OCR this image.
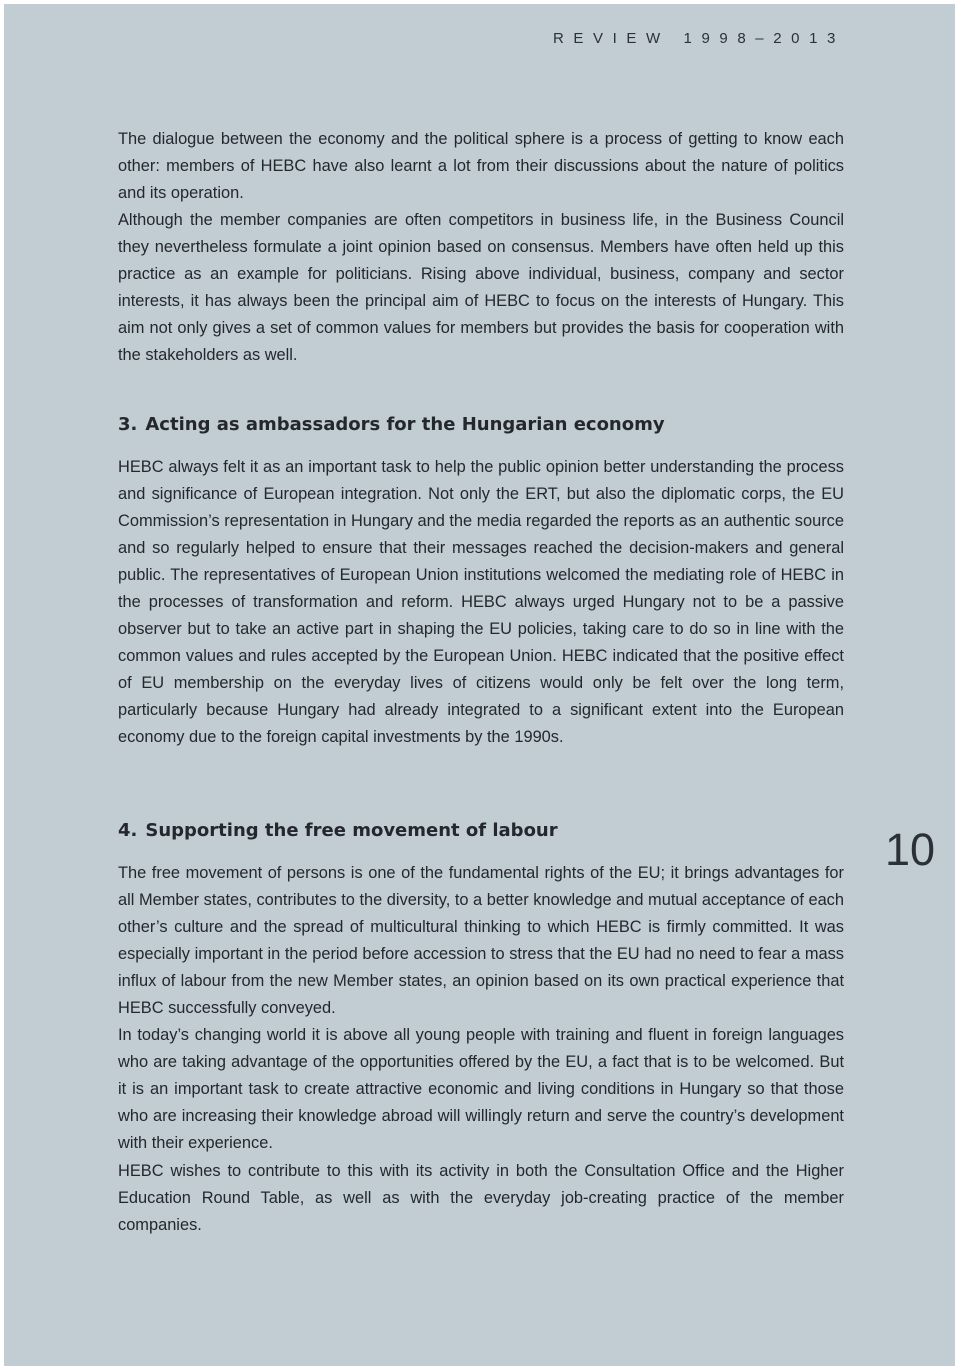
REVIEW 1998–2013

The dialogue between the economy and the political sphere is a process of getting to know each other: members of HEBC have also learnt a lot from their discussions about the nature of politics and its operation.

Although the member companies are often competitors in business life, in the Business Council they nevertheless formulate a joint opinion based on consensus. Members have often held up this practice as an example for politicians. Rising above individual, business, company and sector interests, it has always been the principal aim of HEBC to focus on the interests of Hungary. This aim not only gives a set of common values for members but provides the basis for cooperation with the stakeholders as well.

3. Acting as ambassadors for the Hungarian economy

HEBC always felt it as an important task to help the public opinion better understanding the process and significance of European integration. Not only the ERT, but also the diplomatic corps, the EU Commission’s representation in Hungary and the media regarded the reports as an authentic source and so regularly helped to ensure that their messages reached the decision-makers and general public. The representatives of European Union institutions welcomed the mediating role of HEBC in the processes of transformation and reform. HEBC always urged Hungary not to be a passive observer but to take an active part in shaping the EU policies, taking care to do so in line with the common values and rules accepted by the European Union. HEBC indicated that the positive effect of EU membership on the everyday lives of citizens would only be felt over the long term, particularly because Hungary had already integrated to a significant extent into the European economy due to the foreign capital investments by the 1990s.

4. Supporting the free movement of labour

The free movement of persons is one of the fundamental rights of the EU; it brings advantages for all Member states, contributes to the diversity, to a better knowledge and mutual acceptance of each other’s culture and the spread of multicultural thinking to which HEBC is firmly committed. It was especially important in the period before accession to stress that the EU had no need to fear a mass influx of labour from the new Member states, an opinion based on its own practical experience that HEBC successfully conveyed.

In today’s changing world it is above all young people with training and fluent in foreign languages who are taking advantage of the opportunities offered by the EU, a fact that is to be welcomed. But it is an important task to create attractive economic and living conditions in Hungary so that those who are increasing their knowledge abroad will willingly return and serve the country’s development with their experience.

HEBC wishes to contribute to this with its activity in both the Consultation Office and the Higher Education Round Table, as well as with the everyday job-creating practice of the member companies.

10
